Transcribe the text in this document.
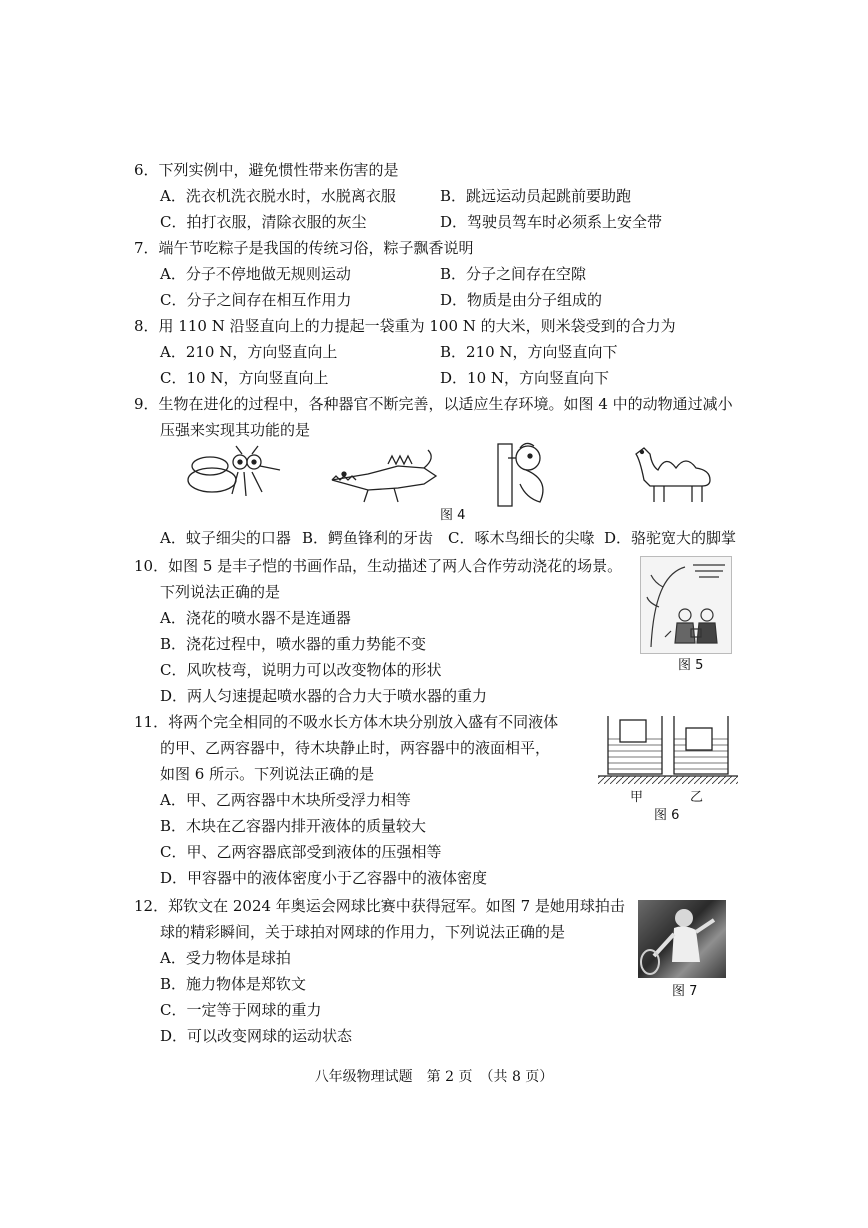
6．下列实例中，避免惯性带来伤害的是
A．洗衣机洗衣脱水时，水脱离衣服	B．跳远运动员起跳前要助跑
C．拍打衣服，清除衣服的灰尘	D．驾驶员驾车时必须系上安全带
7．端午节吃粽子是我国的传统习俗，粽子飘香说明
A．分子不停地做无规则运动	B．分子之间存在空隙
C．分子之间存在相互作用力	D．物质是由分子组成的
8．用 110 N 沿竖直向上的力提起一袋重为 100 N 的大米，则米袋受到的合力为
A．210 N，方向竖直向上	B．210 N，方向竖直向下
C．10 N，方向竖直向上	D．10 N，方向竖直向下
9．生物在进化的过程中，各种器官不断完善，以适应生存环境。如图 4 中的动物通过减小
压强来实现其功能的是
图 4
A．蚊子细尖的口器 B．鳄鱼锋利的牙齿 C．啄木鸟细长的尖喙 D．骆驼宽大的脚掌
10．如图 5 是丰子恺的书画作品，生动描述了两人合作劳动浇花的场景。
下列说法正确的是
A．浇花的喷水器不是连通器
B．浇花过程中，喷水器的重力势能不变
C．风吹枝弯，说明力可以改变物体的形状
D．两人匀速提起喷水器的合力大于喷水器的重力
图 5
11．将两个完全相同的不吸水长方体木块分别放入盛有不同液体
的甲、乙两容器中，待木块静止时，两容器中的液面相平，
如图 6 所示。下列说法正确的是
A．甲、乙两容器中木块所受浮力相等
B．木块在乙容器内排开液体的质量较大
C．甲、乙两容器底部受到液体的压强相等
D．甲容器中的液体密度小于乙容器中的液体密度
甲	乙
图 6
12．郑钦文在 2024 年奥运会网球比赛中获得冠军。如图 7 是她用球拍击
球的精彩瞬间，关于球拍对网球的作用力，下列说法正确的是
A．受力物体是球拍
B．施力物体是郑钦文
C．一定等于网球的重力
D．可以改变网球的运动状态
图 7
八年级物理试题　第 2 页　（共 8 页）
